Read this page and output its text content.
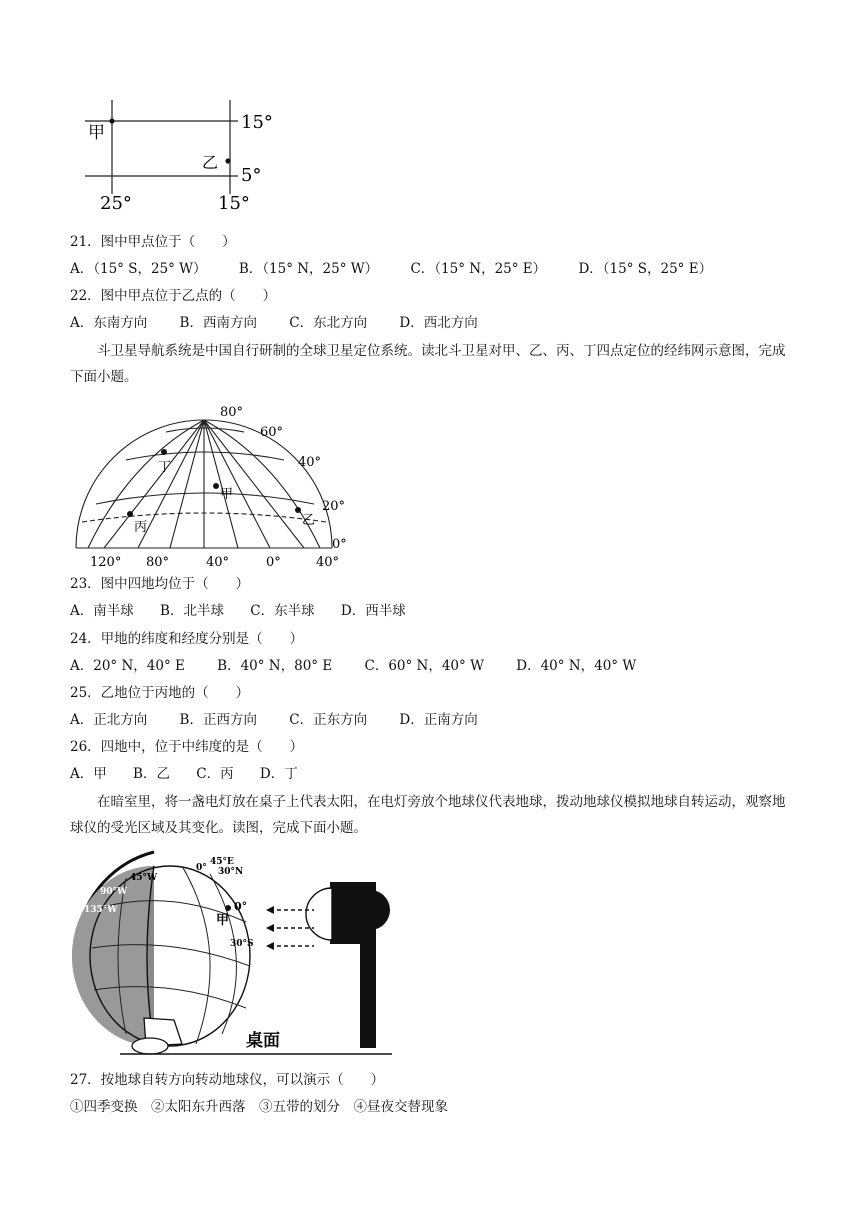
甲
乙
15°
5°
25°	15°
21．图中甲点位于（　　）
A．（15° S，25° W） B．（15° N，25° W） C．（15° N，25° E） D．（15° S，25° E）
22．图中甲点位于乙点的（　　）
A．东南方向 B．西南方向 C．东北方向 D．西北方向
斗卫星导航系统是中国自行研制的全球卫星定位系统。读北斗卫星对甲、乙、丙、丁四点定位的经纬网示意图，完成下面小题。
丁
甲
丙	乙
80°
60°
40°
20°
0°
120° 80°	40°	0°	40°
23．图中四地均位于（　　）
A．南半球 B．北半球 C．东半球 D．西半球
24．甲地的纬度和经度分别是（　　）
A．20° N，40° E B．40° N，80° E C．60° N，40° W D．40° N，40° W
25．乙地位于丙地的（　　）
A．正北方向 B．正西方向 C．正东方向 D．正南方向
26．四地中，位于中纬度的是（　　）
A．甲 B．乙 C．丙 D．丁
在暗室里，将一盏电灯放在桌子上代表太阳，在电灯旁放个地球仪代表地球，拨动地球仪模拟地球自转运动，观察地球仪的受光区域及其变化。读图，完成下面小题。
甲
0°
45°E
45°W
90°W
135°W
30°N
0°
30°S
桌面
27．按地球自转方向转动地球仪，可以演示（　　）
①四季变换　②太阳东升西落　③五带的划分　④昼夜交替现象
